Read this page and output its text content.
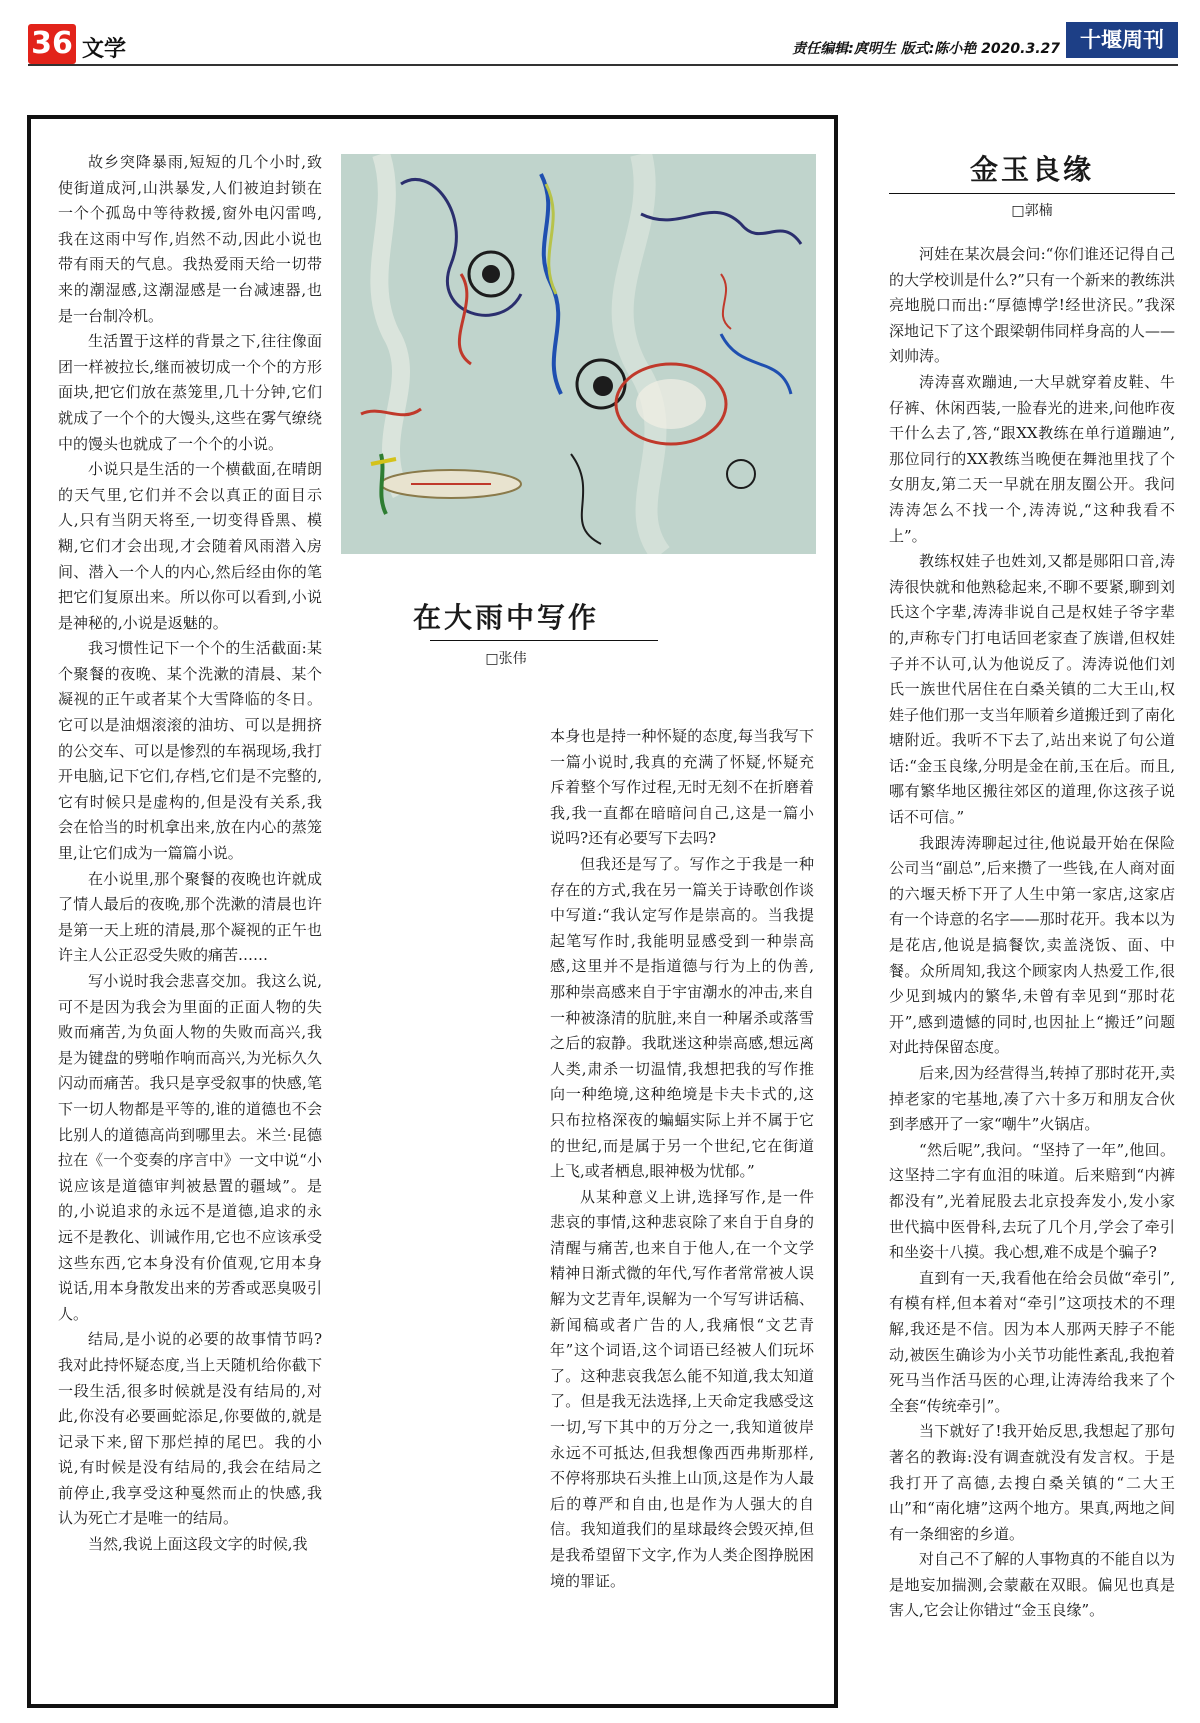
36 文学	责任编辑:庹明生 版式:陈小艳 2020.3.27 十堰周刊

故乡突降暴雨,短短的几个小时,致使街道成河,山洪暴发,人们被迫封锁在一个个孤岛中等待救援,窗外电闪雷鸣,我在这雨中写作,岿然不动,因此小说也带有雨天的气息。我热爱雨天给一切带来的潮湿感,这潮湿感是一台减速器,也是一台制冷机。

生活置于这样的背景之下,往往像面团一样被拉长,继而被切成一个个的方形面块,把它们放在蒸笼里,几十分钟,它们就成了一个个的大馒头,这些在雾气缭绕中的馒头也就成了一个个的小说。

小说只是生活的一个横截面,在晴朗的天气里,它们并不会以真正的面目示人,只有当阴天将至,一切变得昏黑、模糊,它们才会出现,才会随着风雨潜入房间、潜入一个人的内心,然后经由你的笔把它们复原出来。所以你可以看到,小说是神秘的,小说是返魅的。

我习惯性记下一个个的生活截面:某个聚餐的夜晚、某个洗漱的清晨、某个凝视的正午或者某个大雪降临的冬日。它可以是油烟滚滚的油坊、可以是拥挤的公交车、可以是惨烈的车祸现场,我打开电脑,记下它们,存档,它们是不完整的,它有时候只是虚构的,但是没有关系,我会在恰当的时机拿出来,放在内心的蒸笼里,让它们成为一篇篇小说。

在小说里,那个聚餐的夜晚也许就成了情人最后的夜晚,那个洗漱的清晨也许是第一天上班的清晨,那个凝视的正午也许主人公正忍受失败的痛苦……

写小说时我会悲喜交加。我这么说,可不是因为我会为里面的正面人物的失败而痛苦,为负面人物的失败而高兴,我是为键盘的劈啪作响而高兴,为光标久久闪动而痛苦。我只是享受叙事的快感,笔下一切人物都是平等的,谁的道德也不会比别人的道德高尚到哪里去。米兰·昆德拉在《一个变奏的序言中》一文中说“小说应该是道德审判被悬置的疆域”。是的,小说追求的永远不是道德,追求的永远不是教化、训诫作用,它也不应该承受这些东西,它本身没有价值观,它用本身说话,用本身散发出来的芳香或恶臭吸引人。

结局,是小说的必要的故事情节吗?我对此持怀疑态度,当上天随机给你截下一段生活,很多时候就是没有结局的,对此,你没有必要画蛇添足,你要做的,就是记录下来,留下那烂掉的尾巴。我的小说,有时候是没有结局的,我会在结局之前停止,我享受这种戛然而止的快感,我认为死亡才是唯一的结局。

当然,我说上面这段文字的时候,我

在大雨中写作
□张伟

本身也是持一种怀疑的态度,每当我写下一篇小说时,我真的充满了怀疑,怀疑充斥着整个写作过程,无时无刻不在折磨着我,我一直都在暗暗问自己,这是一篇小说吗?还有必要写下去吗?

但我还是写了。写作之于我是一种存在的方式,我在另一篇关于诗歌创作谈中写道:“我认定写作是崇高的。当我提起笔写作时,我能明显感受到一种崇高感,这里并不是指道德与行为上的伪善,那种崇高感来自于宇宙潮水的冲击,来自一种被涤清的肮脏,来自一种屠杀或落雪之后的寂静。我耽迷这种崇高感,想远离人类,肃杀一切温情,我想把我的写作推向一种绝境,这种绝境是卡夫卡式的,这只布拉格深夜的蝙蝠实际上并不属于它的世纪,而是属于另一个世纪,它在街道上飞,或者栖息,眼神极为忧郁。”

从某种意义上讲,选择写作,是一件悲哀的事情,这种悲哀除了来自于自身的清醒与痛苦,也来自于他人,在一个文学精神日渐式微的年代,写作者常常被人误解为文艺青年,误解为一个写写讲话稿、新闻稿或者广告的人,我痛恨“文艺青年”这个词语,这个词语已经被人们玩坏了。这种悲哀我怎么能不知道,我太知道了。但是我无法选择,上天命定我感受这一切,写下其中的万分之一,我知道彼岸永远不可抵达,但我想像西西弗斯那样,不停将那块石头推上山顶,这是作为人最后的尊严和自由,也是作为人强大的自信。我知道我们的星球最终会毁灭掉,但是我希望留下文字,作为人类企图挣脱困境的罪证。

金玉良缘
□郭楠

河娃在某次晨会问:“你们谁还记得自己的大学校训是什么?”只有一个新来的教练洪亮地脱口而出:“厚德博学!经世济民。”我深深地记下了这个跟梁朝伟同样身高的人——刘帅涛。

涛涛喜欢蹦迪,一大早就穿着皮鞋、牛仔裤、休闲西装,一脸春光的进来,问他昨夜干什么去了,答,“跟XX教练在单行道蹦迪”,那位同行的XX教练当晚便在舞池里找了个女朋友,第二天一早就在朋友圈公开。我问涛涛怎么不找一个,涛涛说,“这种我看不上”。

教练权娃子也姓刘,又都是郧阳口音,涛涛很快就和他熟稔起来,不聊不要紧,聊到刘氏这个字辈,涛涛非说自己是权娃子爷字辈的,声称专门打电话回老家查了族谱,但权娃子并不认可,认为他说反了。涛涛说他们刘氏一族世代居住在白桑关镇的二大王山,权娃子他们那一支当年顺着乡道搬迁到了南化塘附近。我听不下去了,站出来说了句公道话:“金玉良缘,分明是金在前,玉在后。而且,哪有繁华地区搬往郊区的道理,你这孩子说话不可信。”

我跟涛涛聊起过往,他说最开始在保险公司当“副总”,后来攒了一些钱,在人商对面的六堰天桥下开了人生中第一家店,这家店有一个诗意的名字——那时花开。我本以为是花店,他说是搞餐饮,卖盖浇饭、面、中餐。众所周知,我这个顾家肉人热爱工作,很少见到城内的繁华,未曾有幸见到“那时花开”,感到遗憾的同时,也因扯上“搬迁”问题对此持保留态度。

后来,因为经营得当,转掉了那时花开,卖掉老家的宅基地,凑了六十多万和朋友合伙到孝感开了一家“嘲牛”火锅店。

“然后呢”,我问。“坚持了一年”,他回。这坚持二字有血泪的味道。后来赔到“内裤都没有”,光着屁股去北京投奔发小,发小家世代搞中医骨科,去玩了几个月,学会了牵引和坐姿十八摸。我心想,难不成是个骗子?

直到有一天,我看他在给会员做“牵引”,有模有样,但本着对“牵引”这项技术的不理解,我还是不信。因为本人那两天脖子不能动,被医生确诊为小关节功能性紊乱,我抱着死马当作活马医的心理,让涛涛给我来了个全套“传统牵引”。

当下就好了!我开始反思,我想起了那句著名的教诲:没有调查就没有发言权。于是我打开了高德,去搜白桑关镇的“二大王山”和“南化塘”这两个地方。果真,两地之间有一条细密的乡道。

对自己不了解的人事物真的不能自以为是地妄加揣测,会蒙蔽在双眼。偏见也真是害人,它会让你错过“金玉良缘”。
